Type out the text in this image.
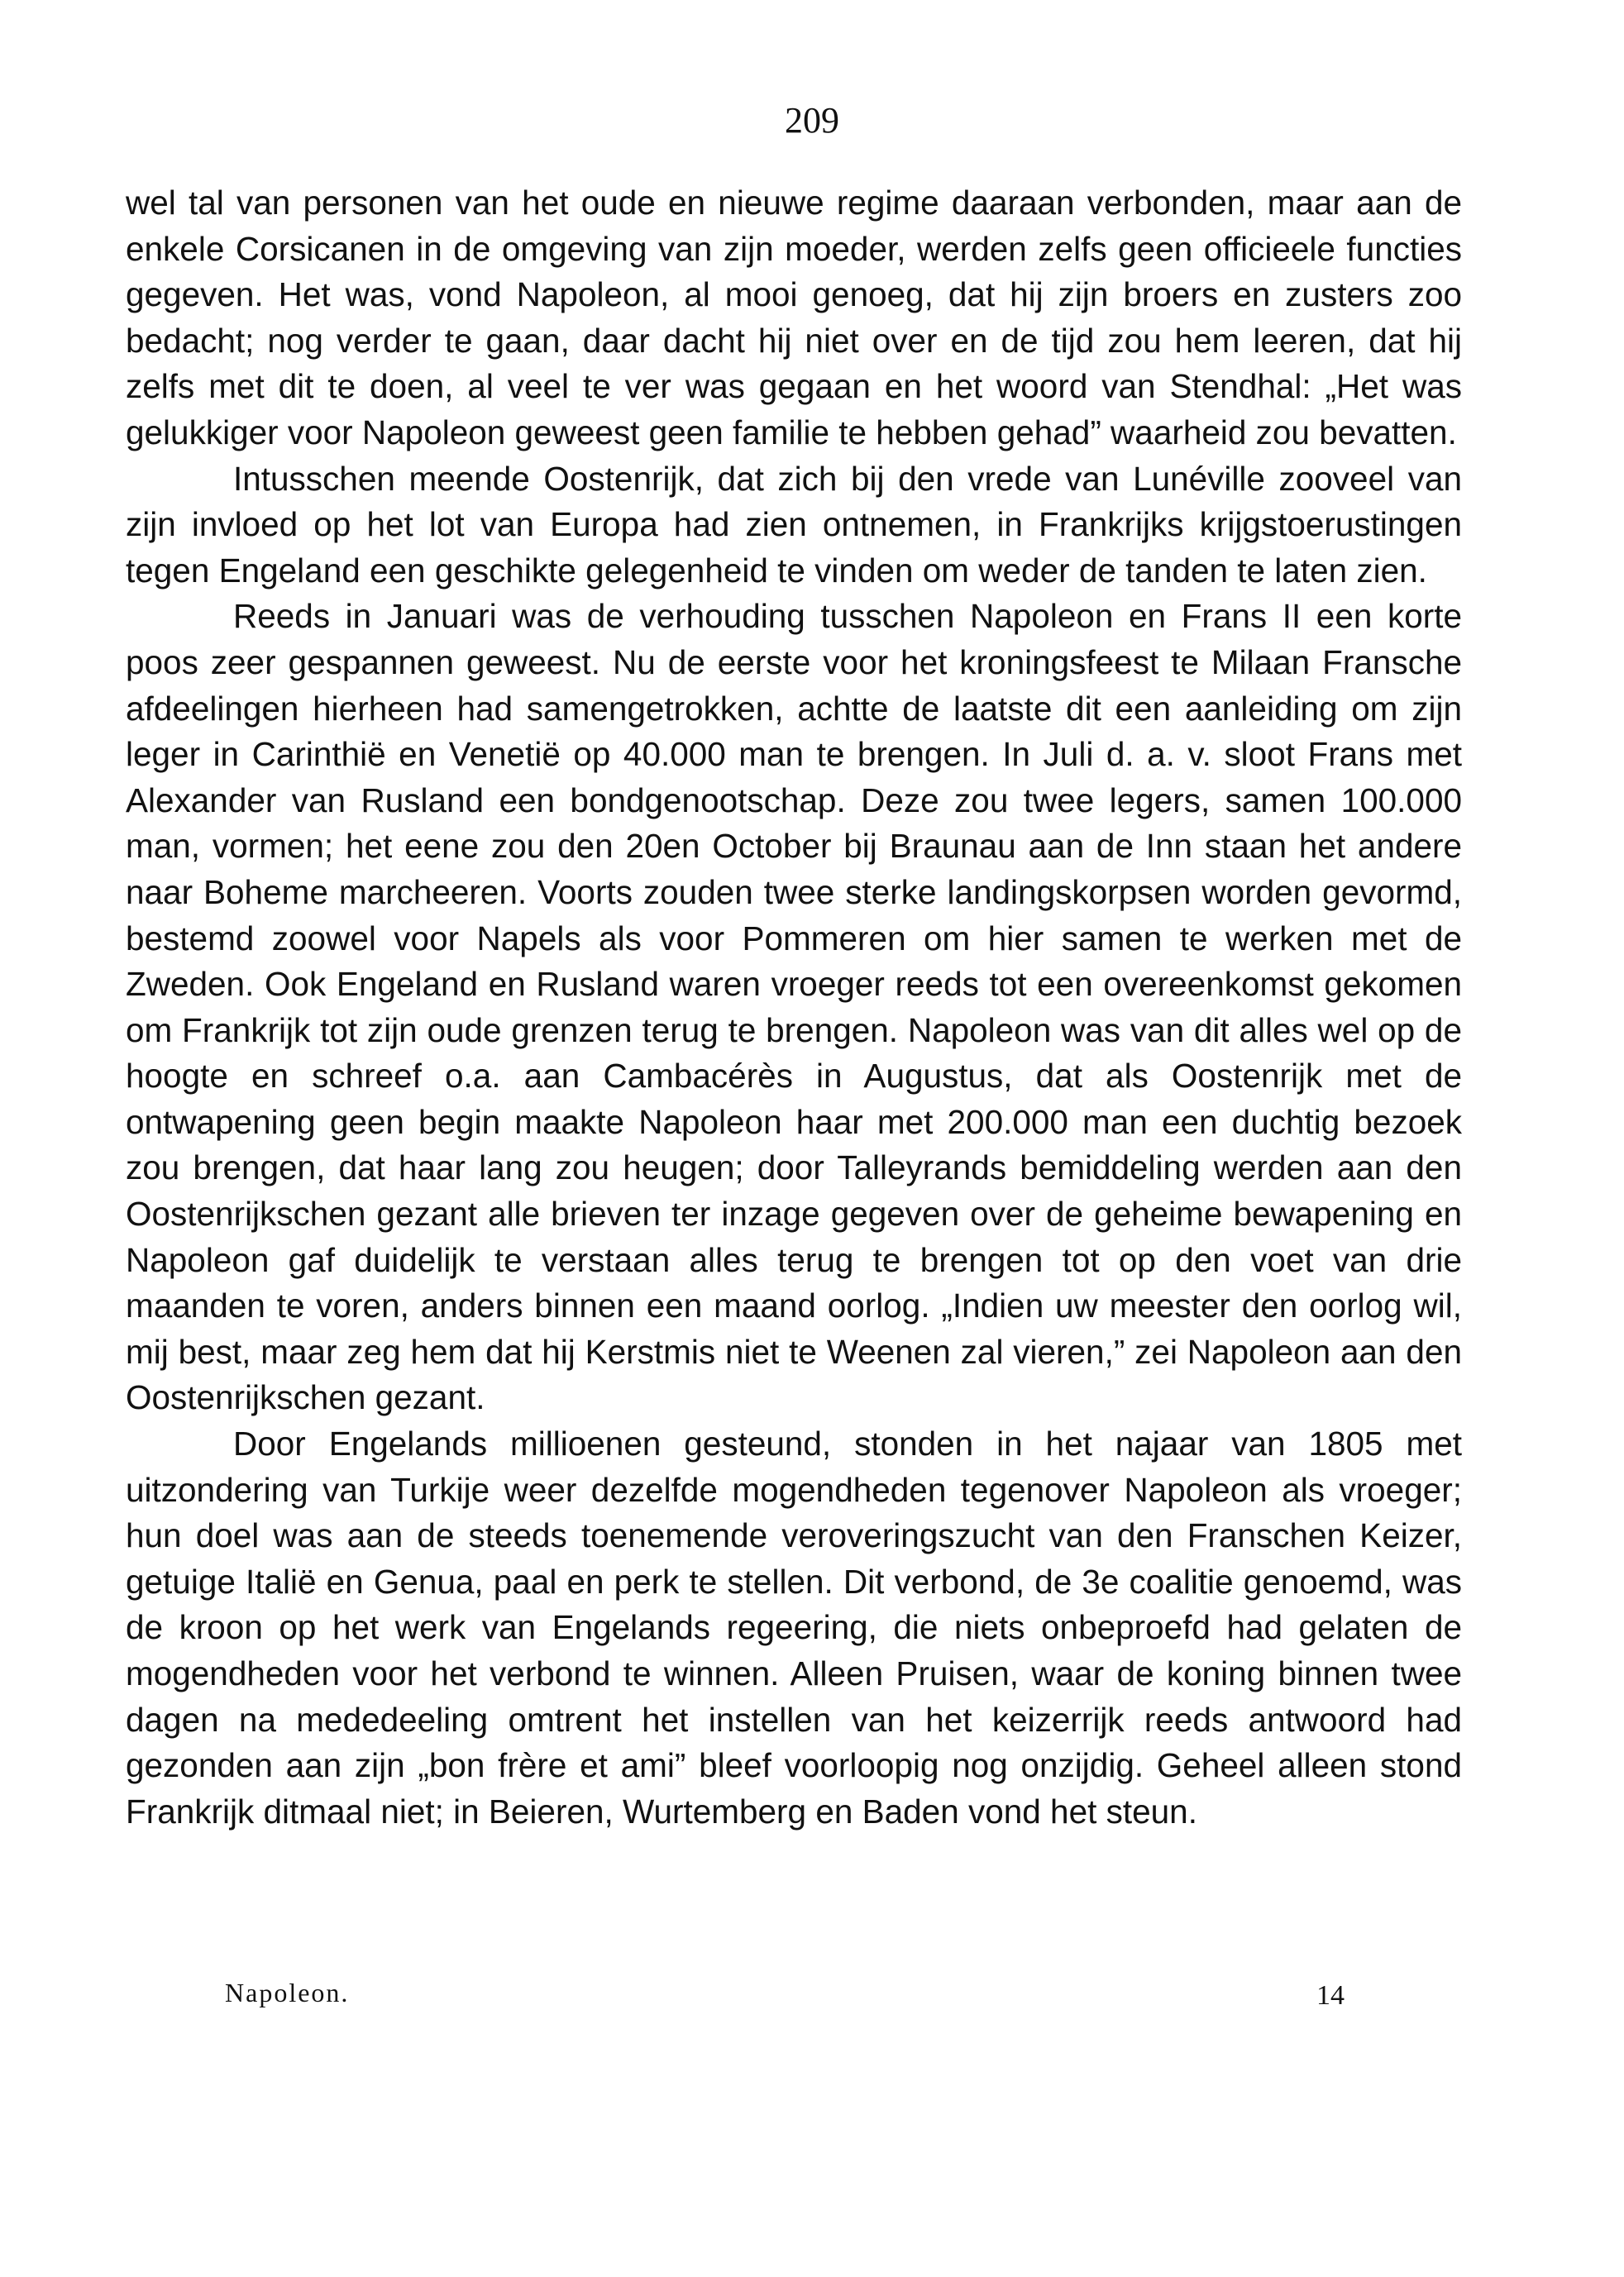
209

wel tal van personen van het oude en nieuwe regime daaraan verbonden, maar aan de enkele Corsicanen in de omgeving van zijn moeder, werden zelfs geen officieele functies gegeven. Het was, vond Napoleon, al mooi genoeg, dat hij zijn broers en zusters zoo bedacht; nog verder te gaan, daar dacht hij niet over en de tijd zou hem leeren, dat hij zelfs met dit te doen, al veel te ver was gegaan en het woord van Stendhal: „Het was gelukkiger voor Napoleon geweest geen familie te hebben gehad” waarheid zou bevatten.

Intusschen meende Oostenrijk, dat zich bij den vrede van Lunéville zooveel van zijn invloed op het lot van Europa had zien ontnemen, in Frankrijks krijgstoerustingen tegen Engeland een geschikte gelegenheid te vinden om weder de tanden te laten zien.

Reeds in Januari was de verhouding tusschen Napoleon en Frans II een korte poos zeer gespannen geweest. Nu de eerste voor het kroningsfeest te Milaan Fransche afdeelingen hierheen had samengetrokken, achtte de laatste dit een aanleiding om zijn leger in Carinthië en Venetië op 40.000 man te brengen. In Juli d. a. v. sloot Frans met Alexander van Rusland een bondgenootschap. Deze zou twee legers, samen 100.000 man, vormen; het eene zou den 20en October bij Braunau aan de Inn staan het andere naar Boheme marcheeren. Voorts zouden twee sterke landingskorpsen worden gevormd, bestemd zoowel voor Napels als voor Pommeren om hier samen te werken met de Zweden. Ook Engeland en Rusland waren vroeger reeds tot een overeenkomst gekomen om Frankrijk tot zijn oude grenzen terug te brengen. Napoleon was van dit alles wel op de hoogte en schreef o.a. aan Cambacérès in Augustus, dat als Oostenrijk met de ontwapening geen begin maakte Napoleon haar met 200.000 man een duchtig bezoek zou brengen, dat haar lang zou heugen; door Talleyrands bemiddeling werden aan den Oostenrijkschen gezant alle brieven ter inzage gegeven over de geheime bewapening en Napoleon gaf duidelijk te verstaan alles terug te brengen tot op den voet van drie maanden te voren, anders binnen een maand oorlog. „Indien uw meester den oorlog wil, mij best, maar zeg hem dat hij Kerstmis niet te Weenen zal vieren,” zei Napoleon aan den Oostenrijkschen gezant.

Door Engelands millioenen gesteund, stonden in het najaar van 1805 met uitzondering van Turkije weer dezelfde mogendheden tegenover Napoleon als vroeger; hun doel was aan de steeds toenemende veroveringszucht van den Franschen Keizer, getuige Italië en Genua, paal en perk te stellen. Dit verbond, de 3e coalitie genoemd, was de kroon op het werk van Engelands regeering, die niets onbeproefd had gelaten de mogendheden voor het verbond te winnen. Alleen Pruisen, waar de koning binnen twee dagen na mededeeling omtrent het instellen van het keizerrijk reeds antwoord had gezonden aan zijn „bon frère et ami” bleef voorloopig nog onzijdig. Geheel alleen stond Frankrijk ditmaal niet; in Beieren, Wurtemberg en Baden vond het steun.

Napoleon.	14
